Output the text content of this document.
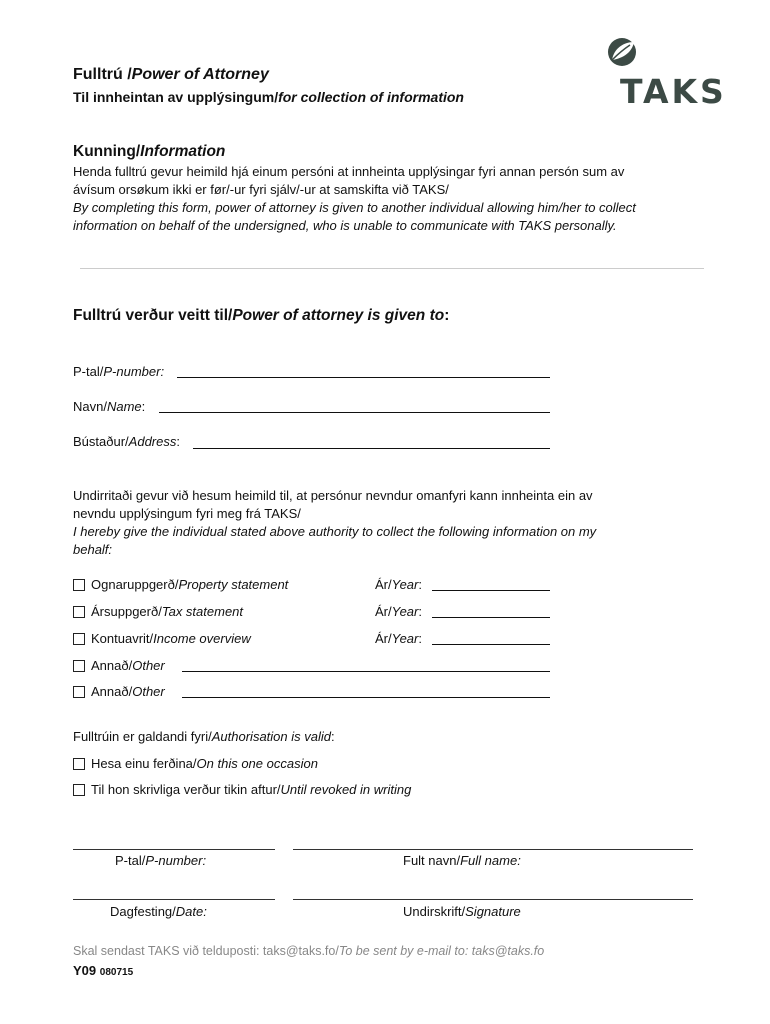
Fulltrú /Power of Attorney
Til innheintan av upplýsingum/for collection of information	TAKS
Kunning/Information
Henda fulltrú gevur heimild hjá einum persóni at innheinta upplýsingar fyri annan persón sum av
ávísum orsøkum ikki er før/-ur fyri sjálv/-ur at samskifta við TAKS/
By completing this form, power of attorney is given to another individual allowing him/her to collect
information on behalf of the undersigned, who is unable to communicate with TAKS personally.
Fulltrú verður veitt til/Power of attorney is given to:
P-tal/P-number:
Navn/Name:
Bústaður/Address:
Undirritaði gevur við hesum heimild til, at persónur nevndur omanfyri kann innheinta ein av
nevndu upplýsingum fyri meg frá TAKS/
I hereby give the individual stated above authority to collect the following information on my
behalf:
Ognaruppgerð/Property statement	Ár/Year:
Ársuppgerð/Tax statement	Ár/Year:
Kontuavrit/Income overview	Ár/Year:
Annað/Other
Annað/Other
Fulltrúin er galdandi fyri/Authorisation is valid:
Hesa einu ferðina/On this one occasion
Til hon skrivliga verður tikin aftur/Until revoked in writing
P-tal/P-number:	Fult navn/Full name:
Dagfesting/Date:	Undirskrift/Signature
Skal sendast TAKS við telduposti: taks@taks.fo/To be sent by e-mail to: taks@taks.fo
Y09 080715
